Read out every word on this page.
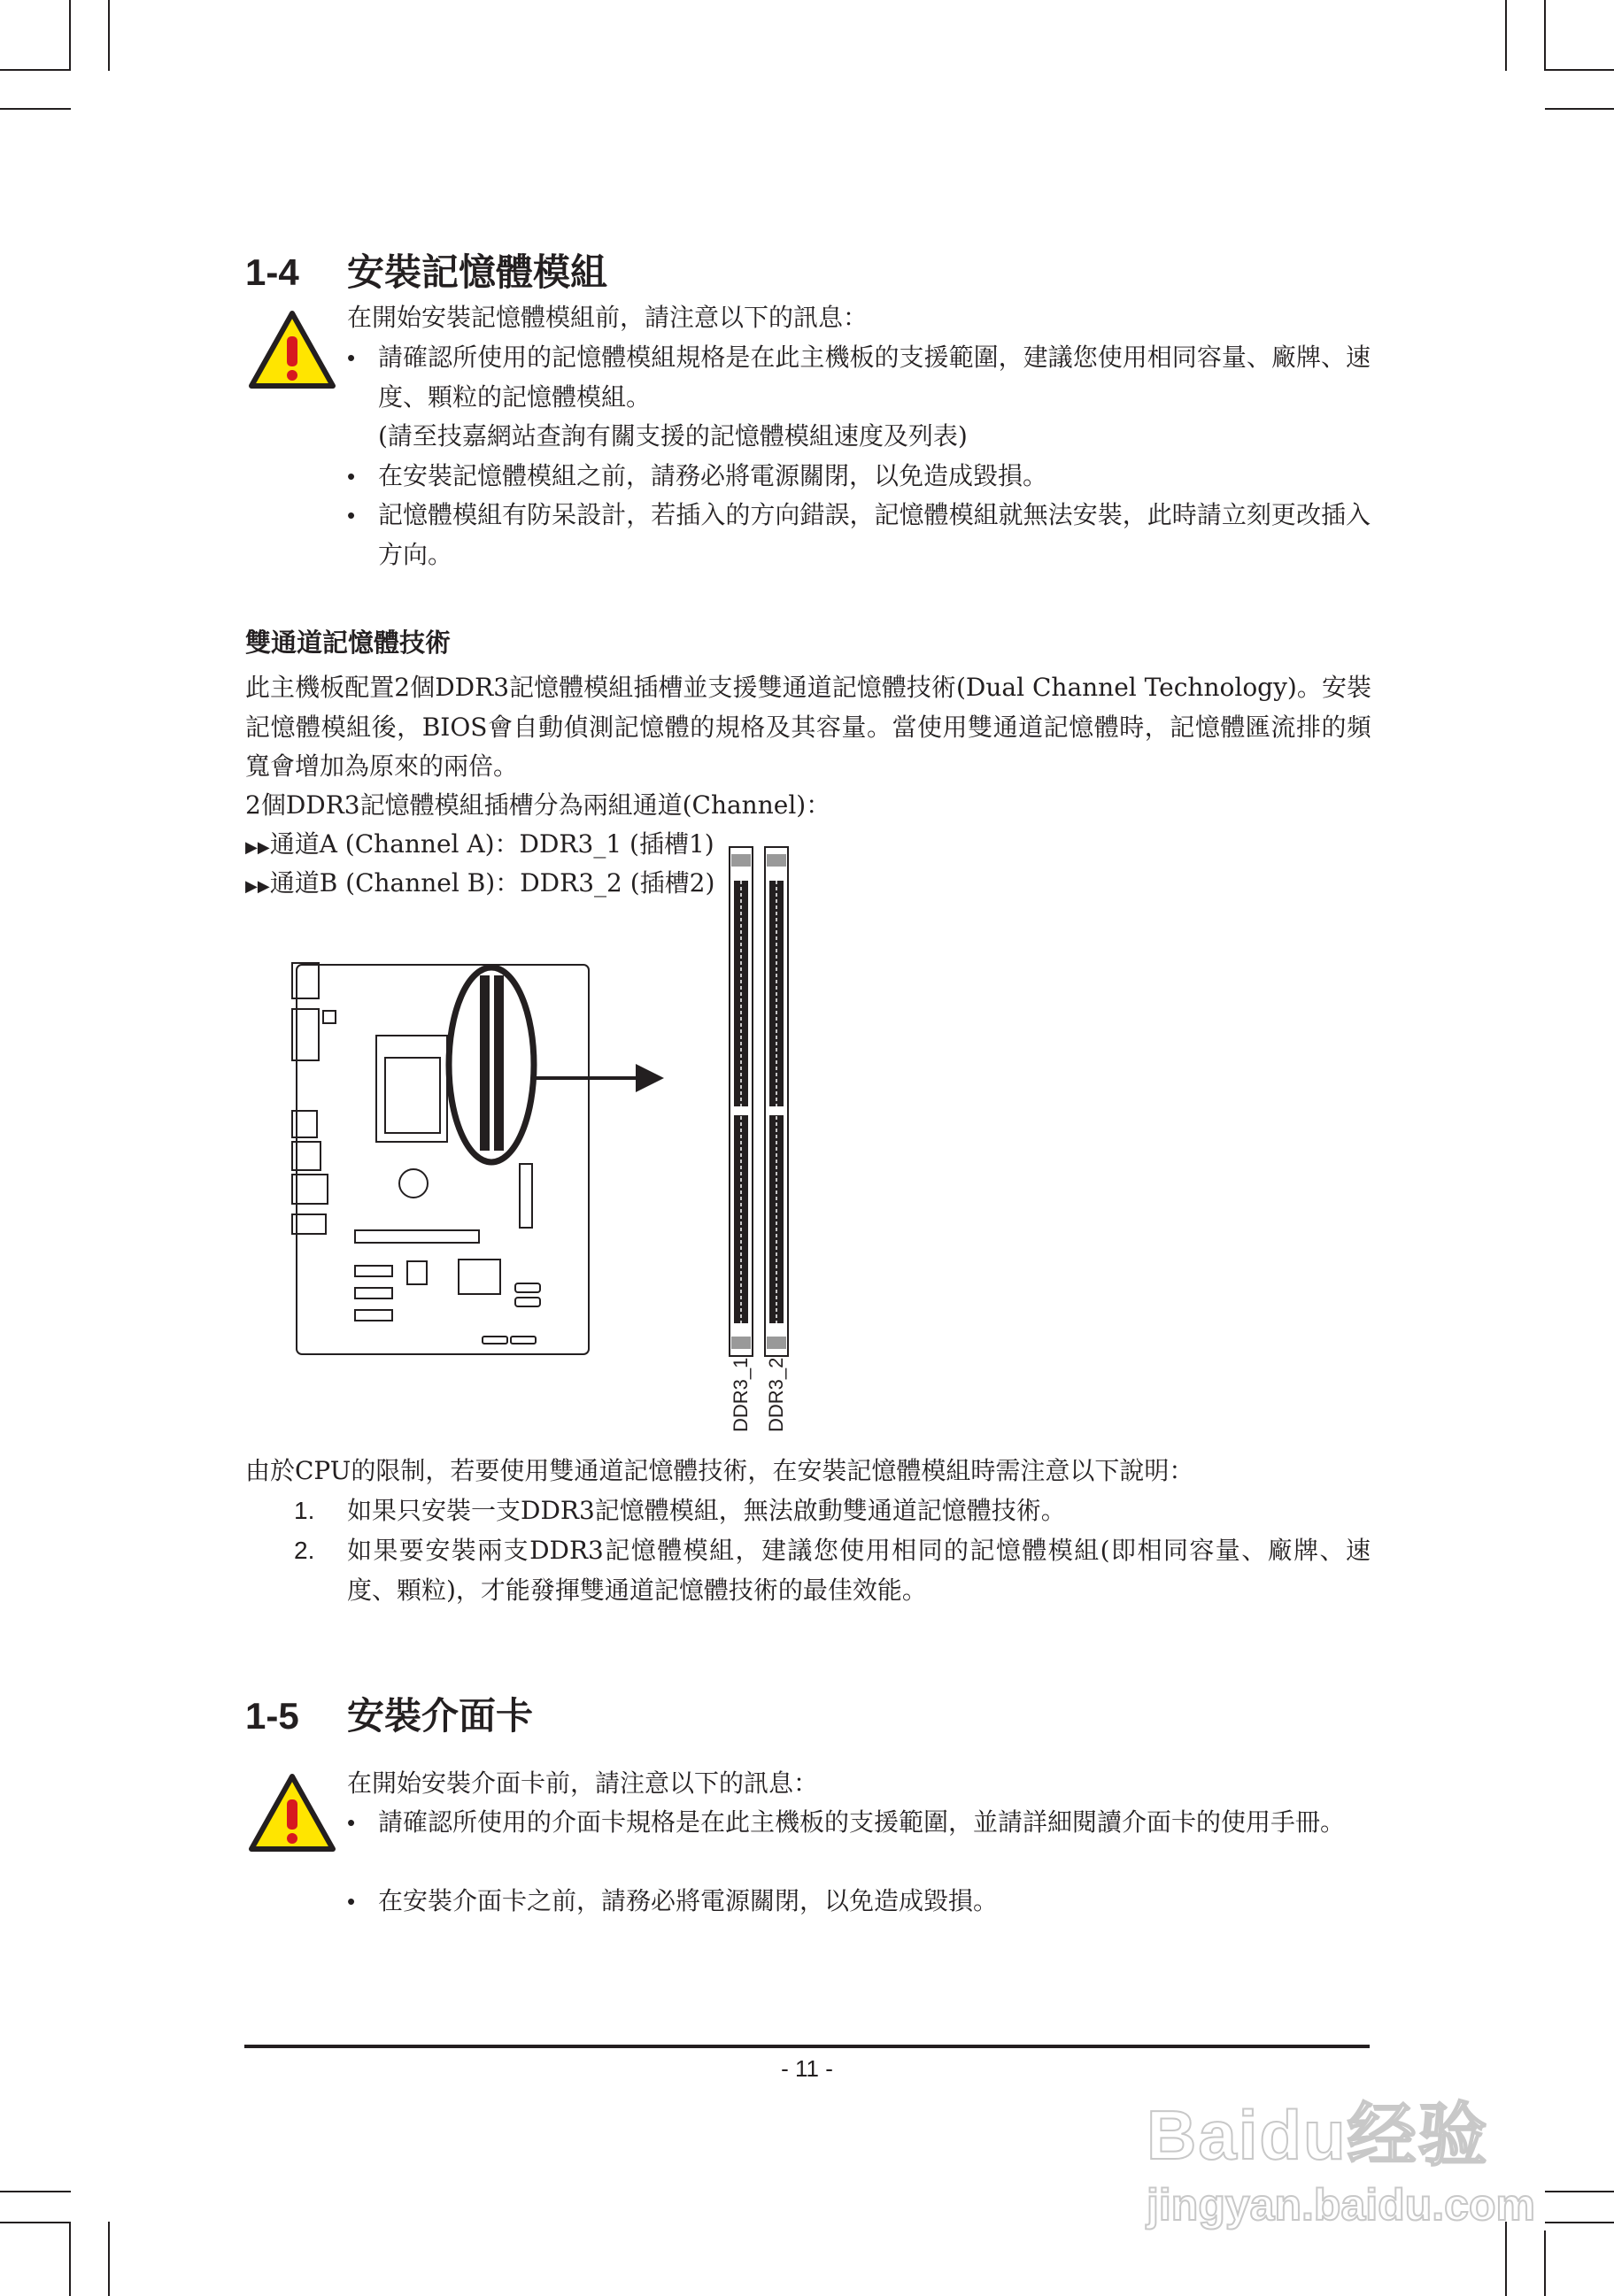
1-4 安裝記憶體模組
在開始安裝記憶體模組前，請注意以下的訊息：
• 請確認所使用的記憶體模組規格是在此主機板的支援範圍，建議您使用相同容量、廠牌、速度、顆粒的記憶體模組。
(請至技嘉網站查詢有關支援的記憶體模組速度及列表)
• 在安裝記憶體模組之前，請務必將電源關閉，以免造成毀損。
• 記憶體模組有防呆設計，若插入的方向錯誤，記憶體模組就無法安裝，此時請立刻更改插入方向。
雙通道記憶體技術
此主機板配置2個DDR3記憶體模組插槽並支援雙通道記憶體技術(Dual Channel Technology)。安裝記憶體模組後，BIOS會自動偵測記憶體的規格及其容量。當使用雙通道記憶體時，記憶體匯流排的頻寬會增加為原來的兩倍。
2個DDR3記憶體模組插槽分為兩組通道(Channel)：
▶▶通道A (Channel A)：DDR3_1 (插槽1)
▶▶通道B (Channel B)：DDR3_2 (插槽2)
DDR3_1 DDR3_2
由於CPU的限制，若要使用雙通道記憶體技術，在安裝記憶體模組時需注意以下說明：
1. 如果只安裝一支DDR3記憶體模組，無法啟動雙通道記憶體技術。
2. 如果要安裝兩支DDR3記憶體模組，建議您使用相同的記憶體模組(即相同容量、廠牌、速度、顆粒)，才能發揮雙通道記憶體技術的最佳效能。
1-5 安裝介面卡
在開始安裝介面卡前，請注意以下的訊息：
• 請確認所使用的介面卡規格是在此主機板的支援範圍，並請詳細閱讀介面卡的使用手冊。
• 在安裝介面卡之前，請務必將電源關閉，以免造成毀損。
- 11 -
Baidu经验
jingyan.baidu.com
